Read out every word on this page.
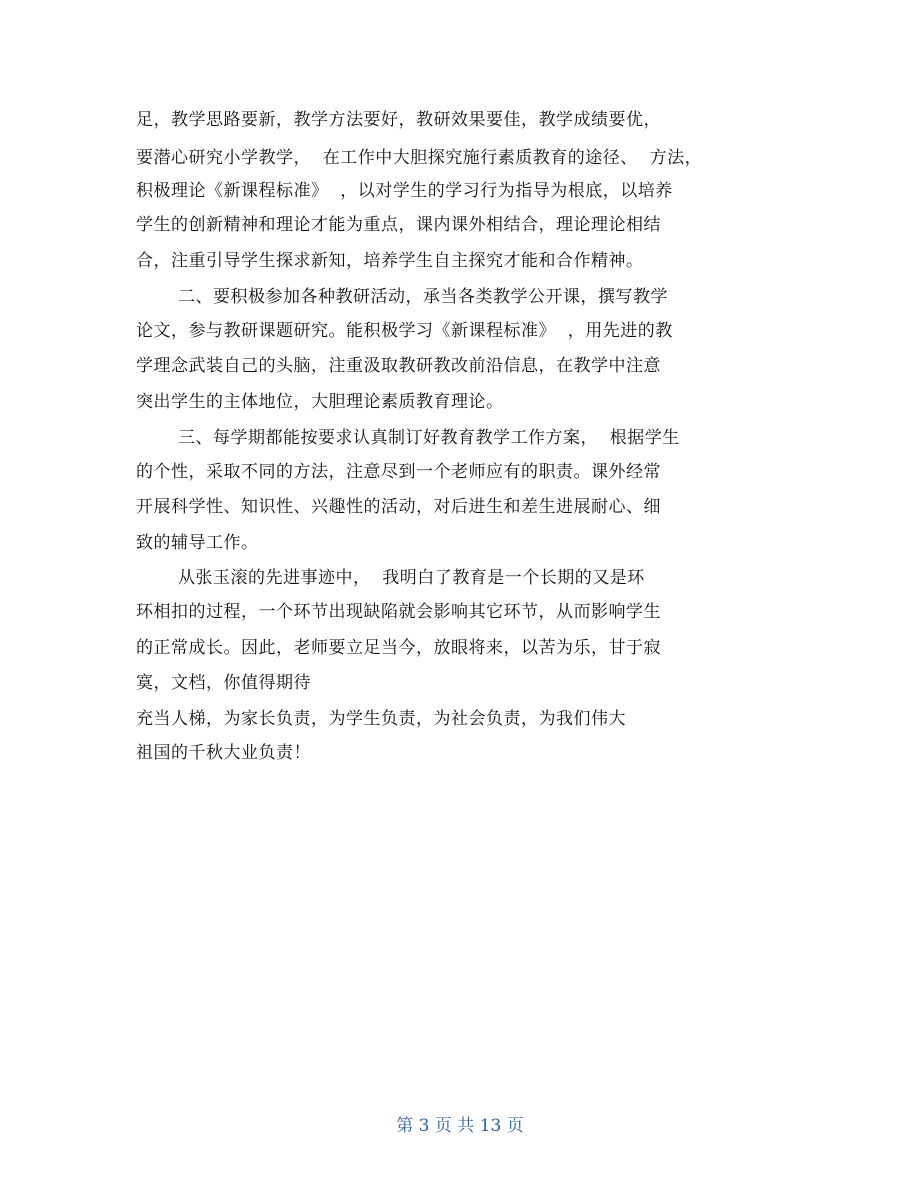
足，教学思路要新，教学方法要好，教研效果要佳，教学成绩要优，
要潜心研究小学教学，  在工作中大胆探究施行素质教育的途径、  方法，
积极理论《新课程标准》  ，以对学生的学习行为指导为根底，以培养
学生的创新精神和理论才能为重点，课内课外相结合，理论理论相结
合，注重引导学生探求新知，培养学生自主探究才能和合作精神。
二、要积极参加各种教研活动，承当各类教学公开课，撰写教学
论文，参与教研课题研究。能积极学习《新课程标准》  ，用先进的教
学理念武装自己的头脑，注重汲取教研教改前沿信息，在教学中注意
突出学生的主体地位，大胆理论素质教育理论。
三、每学期都能按要求认真制订好教育教学工作方案，  根据学生
的个性，采取不同的方法，注意尽到一个老师应有的职责。课外经常
开展科学性、知识性、兴趣性的活动，对后进生和差生进展耐心、细
致的辅导工作。
从张玉滚的先进事迹中，  我明白了教育是一个长期的又是环
环相扣的过程，一个环节出现缺陷就会影响其它环节，从而影响学生
的正常成长。因此，老师要立足当今，放眼将来，以苦为乐，甘于寂
寞，文档，你值得期待
充当人梯，为家长负责，为学生负责，为社会负责，为我们伟大
祖国的千秋大业负责！
第 3 页 共 13 页
